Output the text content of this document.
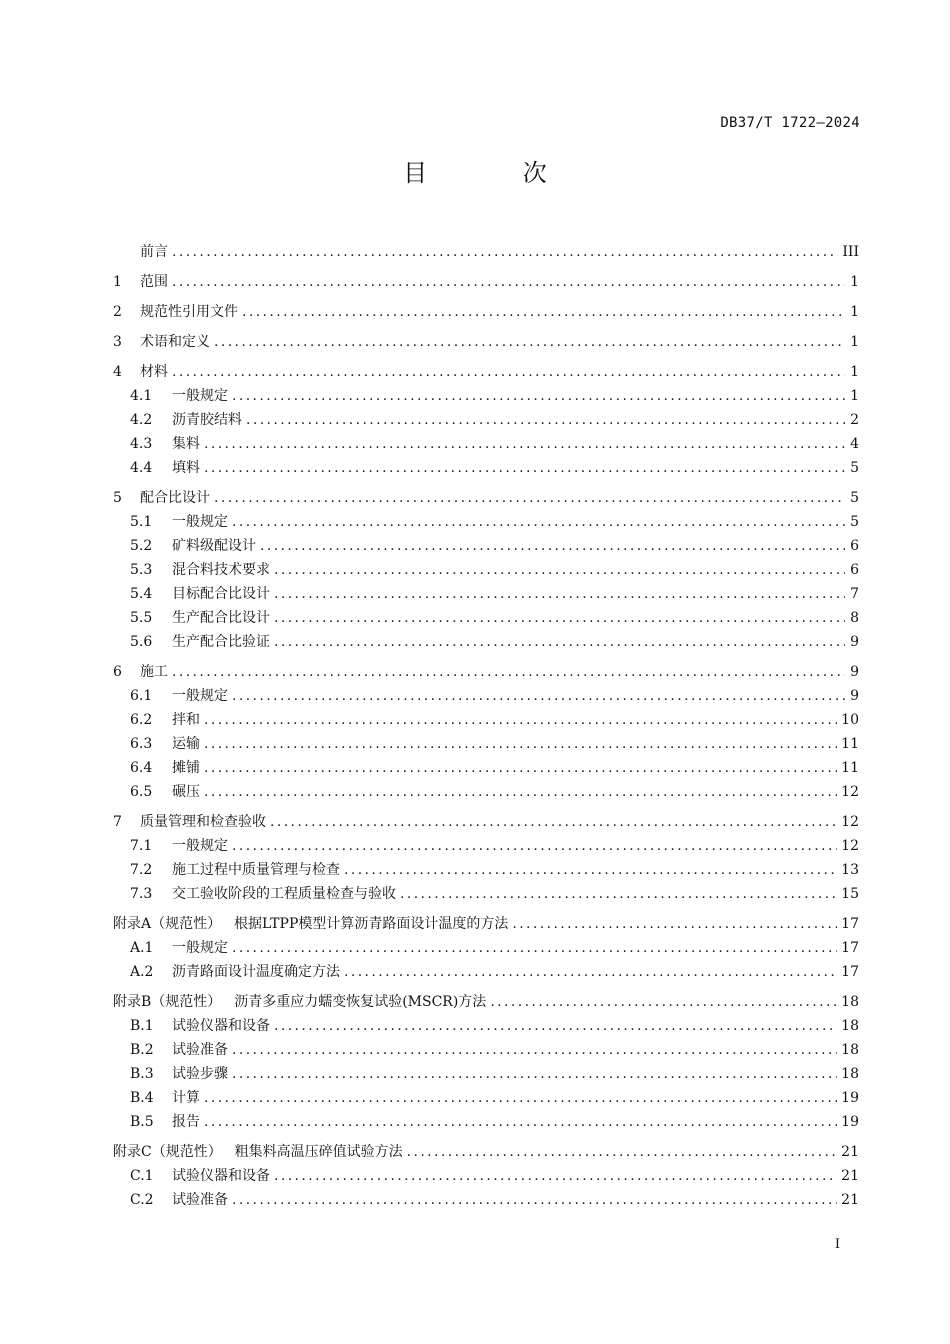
DB37/T 1722—2024
目 次
前言 .....	III
1	范围 .....	1
2	规范性引用文件 .....	1
3	术语和定义 .....	1
4	材料 .....	1
4.1	一般规定 .....	1
4.2	沥青胶结料 .....	2
4.3	集料 .....	4
4.4	填料 .....	5
5	配合比设计 .....	5
5.1	一般规定 .....	5
5.2	矿料级配设计 .....	6
5.3	混合料技术要求 .....	6
5.4	目标配合比设计 .....	7
5.5	生产配合比设计 .....	8
5.6	生产配合比验证 .....	9
6	施工 .....	9
6.1	一般规定 .....	9
6.2	拌和 .....	10
6.3	运输 .....	11
6.4	摊铺 .....	11
6.5	碾压 .....	12
7	质量管理和检查验收 .....	12
7.1	一般规定 .....	12
7.2	施工过程中质量管理与检查 .....	13
7.3	交工验收阶段的工程质量检查与验收 .....	15
附录A（规范性） 根据LTPP模型计算沥青路面设计温度的方法 .....	17
A.1	一般规定 .....	17
A.2	沥青路面设计温度确定方法 .....	17
附录B（规范性） 沥青多重应力蠕变恢复试验(MSCR)方法 .....	18
B.1	试验仪器和设备 .....	18
B.2	试验准备 .....	18
B.3	试验步骤 .....	18
B.4	计算 .....	19
B.5	报告 .....	19
附录C（规范性） 粗集料高温压碎值试验方法 .....	21
C.1	试验仪器和设备 .....	21
C.2	试验准备 .....	21
I
